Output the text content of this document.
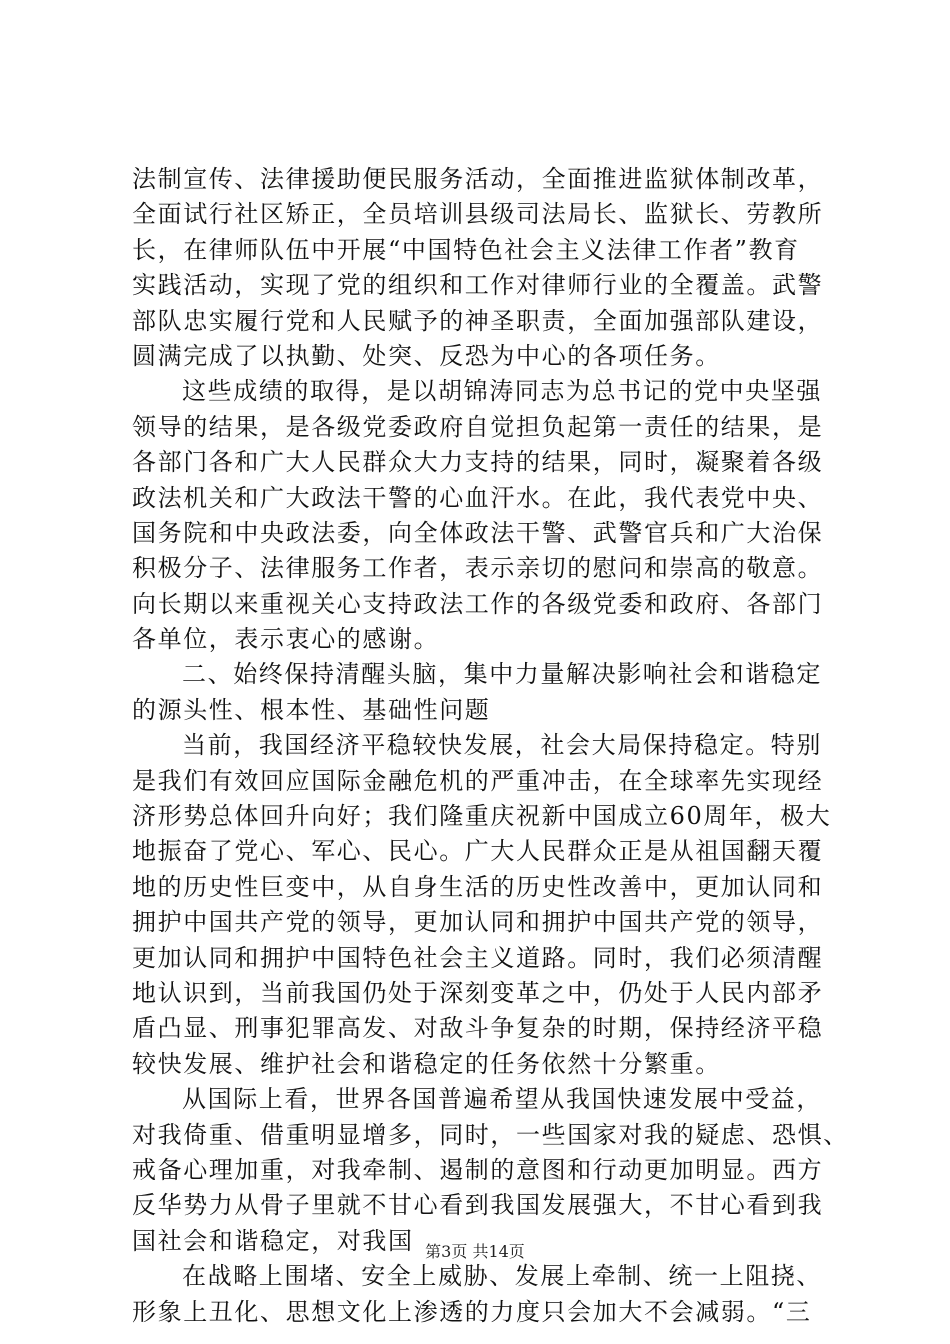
法制宣传、法律援助便民服务活动，全面推进监狱体制改革，
全面试行社区矫正，全员培训县级司法局长、监狱长、劳教所
长，在律师队伍中开展“中国特色社会主义法律工作者”教育
实践活动，实现了党的组织和工作对律师行业的全覆盖。武警
部队忠实履行党和人民赋予的神圣职责，全面加强部队建设，
圆满完成了以执勤、处突、反恐为中心的各项任务。
这些成绩的取得，是以胡锦涛同志为总书记的党中央坚强
领导的结果，是各级党委政府自觉担负起第一责任的结果，是
各部门各和广大人民群众大力支持的结果，同时，凝聚着各级
政法机关和广大政法干警的心血汗水。在此，我代表党中央、
国务院和中央政法委，向全体政法干警、武警官兵和广大治保
积极分子、法律服务工作者，表示亲切的慰问和崇高的敬意。
向长期以来重视关心支持政法工作的各级党委和政府、各部门
各单位，表示衷心的感谢。
二、始终保持清醒头脑，集中力量解决影响社会和谐稳定
的源头性、根本性、基础性问题
当前，我国经济平稳较快发展，社会大局保持稳定。特别
是我们有效回应国际金融危机的严重冲击，在全球率先实现经
济形势总体回升向好；我们隆重庆祝新中国成立60周年，极大
地振奋了党心、军心、民心。广大人民群众正是从祖国翻天覆
地的历史性巨变中，从自身生活的历史性改善中，更加认同和
拥护中国共产党的领导，更加认同和拥护中国共产党的领导，
更加认同和拥护中国特色社会主义道路。同时，我们必须清醒
地认识到，当前我国仍处于深刻变革之中，仍处于人民内部矛
盾凸显、刑事犯罪高发、对敌斗争复杂的时期，保持经济平稳
较快发展、维护社会和谐稳定的任务依然十分繁重。
从国际上看，世界各国普遍希望从我国快速发展中受益，
对我倚重、借重明显增多，同时，一些国家对我的疑虑、恐惧、
戒备心理加重，对我牵制、遏制的意图和行动更加明显。西方
反华势力从骨子里就不甘心看到我国发展强大，不甘心看到我
国社会和谐稳定，对我国
在战略上围堵、安全上威胁、发展上牵制、统一上阻挠、
形象上丑化、思想文化上渗透的力度只会加大不会减弱。“三
第3页 共14页
